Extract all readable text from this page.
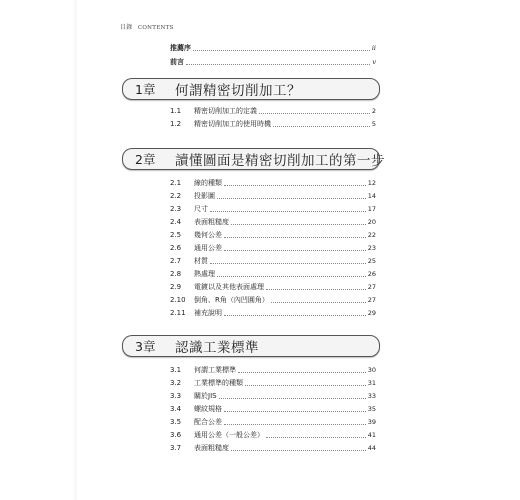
目錄 CONTENTS
推薦序	ii
前言	v
1章	何謂精密切削加工？
1.1	精密切削加工的定義	2
1.2	精密切削加工的使用時機	5
2章	讀懂圖面是精密切削加工的第一步
2.1	線的種類	12
2.2	投影圖	14
2.3	尺寸	17
2.4	表面粗糙度	20
2.5	幾何公差	22
2.6	通用公差	23
2.7	材質	25
2.8	熱處理	26
2.9	電鍍以及其他表面處理	27
2.10	倒角、R角（內凹圓角）	27
2.11	補充說明	29
3章	認識工業標準
3.1	何謂工業標準	30
3.2	工業標準的種類	31
3.3	關於JIS	33
3.4	螺紋規格	35
3.5	配合公差	39
3.6	通用公差（一般公差）	41
3.7	表面粗糙度	44
